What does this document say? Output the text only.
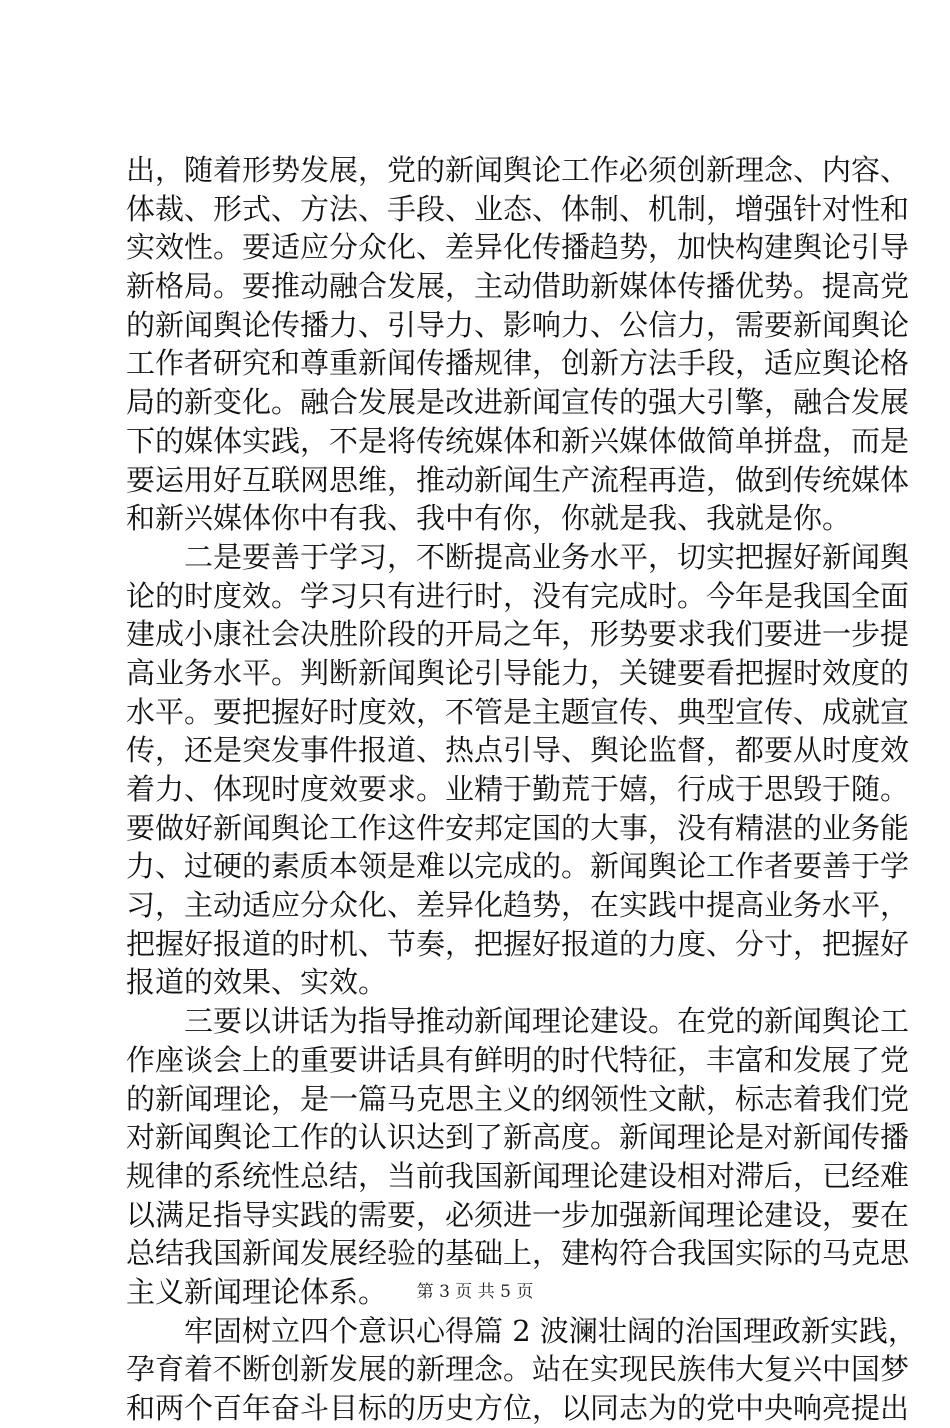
出，随着形势发展，党的新闻舆论工作必须创新理念、内容、
体裁、形式、方法、手段、业态、体制、机制，增强针对性和
实效性。要适应分众化、差异化传播趋势，加快构建舆论引导
新格局。要推动融合发展，主动借助新媒体传播优势。提高党
的新闻舆论传播力、引导力、影响力、公信力，需要新闻舆论
工作者研究和尊重新闻传播规律，创新方法手段，适应舆论格
局的新变化。融合发展是改进新闻宣传的强大引擎，融合发展
下的媒体实践，不是将传统媒体和新兴媒体做简单拼盘，而是
要运用好互联网思维，推动新闻生产流程再造，做到传统媒体
和新兴媒体你中有我、我中有你，你就是我、我就是你。
二是要善于学习，不断提高业务水平，切实把握好新闻舆
论的时度效。学习只有进行时，没有完成时。今年是我国全面
建成小康社会决胜阶段的开局之年，形势要求我们要进一步提
高业务水平。判断新闻舆论引导能力，关键要看把握时效度的
水平。要把握好时度效，不管是主题宣传、典型宣传、成就宣
传，还是突发事件报道、热点引导、舆论监督，都要从时度效
着力、体现时度效要求。业精于勤荒于嬉，行成于思毁于随。
要做好新闻舆论工作这件安邦定国的大事，没有精湛的业务能
力、过硬的素质本领是难以完成的。新闻舆论工作者要善于学
习，主动适应分众化、差异化趋势，在实践中提高业务水平，
把握好报道的时机、节奏，把握好报道的力度、分寸，把握好
报道的效果、实效。
三要以讲话为指导推动新闻理论建设。在党的新闻舆论工
作座谈会上的重要讲话具有鲜明的时代特征，丰富和发展了党
的新闻理论，是一篇马克思主义的纲领性文献，标志着我们党
对新闻舆论工作的认识达到了新高度。新闻理论是对新闻传播
规律的系统性总结，当前我国新闻理论建设相对滞后，已经难
以满足指导实践的需要，必须进一步加强新闻理论建设，要在
总结我国新闻发展经验的基础上，建构符合我国实际的马克思
主义新闻理论体系。
牢固树立四个意识心得篇 2 波澜壮阔的治国理政新实践，
孕育着不断创新发展的新理念。站在实现民族伟大复兴中国梦
和两个百年奋斗目标的历史方位，以同志为的党中央响亮提出
第 3 页 共 5 页
